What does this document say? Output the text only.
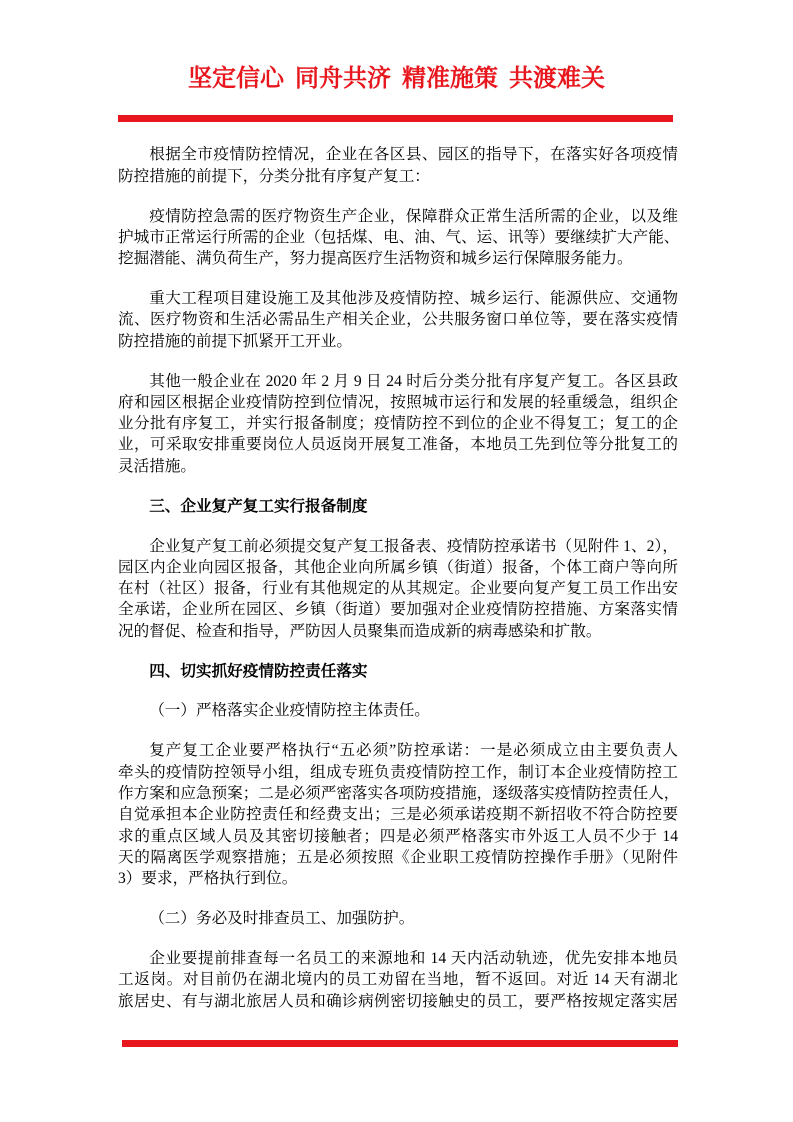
坚定信心 同舟共济 精准施策 共渡难关
根据全市疫情防控情况，企业在各区县、园区的指导下，在落实好各项疫情
防控措施的前提下，分类分批有序复产复工：
疫情防控急需的医疗物资生产企业，保障群众正常生活所需的企业，以及维
护城市正常运行所需的企业（包括煤、电、油、气、运、讯等）要继续扩大产能、
挖掘潜能、满负荷生产，努力提高医疗生活物资和城乡运行保障服务能力。
重大工程项目建设施工及其他涉及疫情防控、城乡运行、能源供应、交通物
流、医疗物资和生活必需品生产相关企业，公共服务窗口单位等，要在落实疫情
防控措施的前提下抓紧开工开业。
其他一般企业在 2020 年 2 月 9 日 24 时后分类分批有序复产复工。各区县政
府和园区根据企业疫情防控到位情况，按照城市运行和发展的轻重缓急，组织企
业分批有序复工，并实行报备制度；疫情防控不到位的企业不得复工；复工的企
业，可采取安排重要岗位人员返岗开展复工准备，本地员工先到位等分批复工的
灵活措施。
三、企业复产复工实行报备制度
企业复产复工前必须提交复产复工报备表、疫情防控承诺书（见附件 1、2），
园区内企业向园区报备，其他企业向所属乡镇（街道）报备，个体工商户等向所
在村（社区）报备，行业有其他规定的从其规定。企业要向复产复工员工作出安
全承诺，企业所在园区、乡镇（街道）要加强对企业疫情防控措施、方案落实情
况的督促、检查和指导，严防因人员聚集而造成新的病毒感染和扩散。
四、切实抓好疫情防控责任落实
（一）严格落实企业疫情防控主体责任。
复产复工企业要严格执行“五必须”防控承诺：一是必须成立由主要负责人
牵头的疫情防控领导小组，组成专班负责疫情防控工作，制订本企业疫情防控工
作方案和应急预案；二是必须严密落实各项防疫措施，逐级落实疫情防控责任人，
自觉承担本企业防控责任和经费支出；三是必须承诺疫期不新招收不符合防控要
求的重点区域人员及其密切接触者；四是必须严格落实市外返工人员不少于 14
天的隔离医学观察措施；五是必须按照《企业职工疫情防控操作手册》（见附件
3）要求，严格执行到位。
（二）务必及时排查员工、加强防护。
企业要提前排查每一名员工的来源地和 14 天内活动轨迹，优先安排本地员
工返岗。对目前仍在湖北境内的员工劝留在当地，暂不返回。对近 14 天有湖北
旅居史、有与湖北旅居人员和确诊病例密切接触史的员工，要严格按规定落实居
